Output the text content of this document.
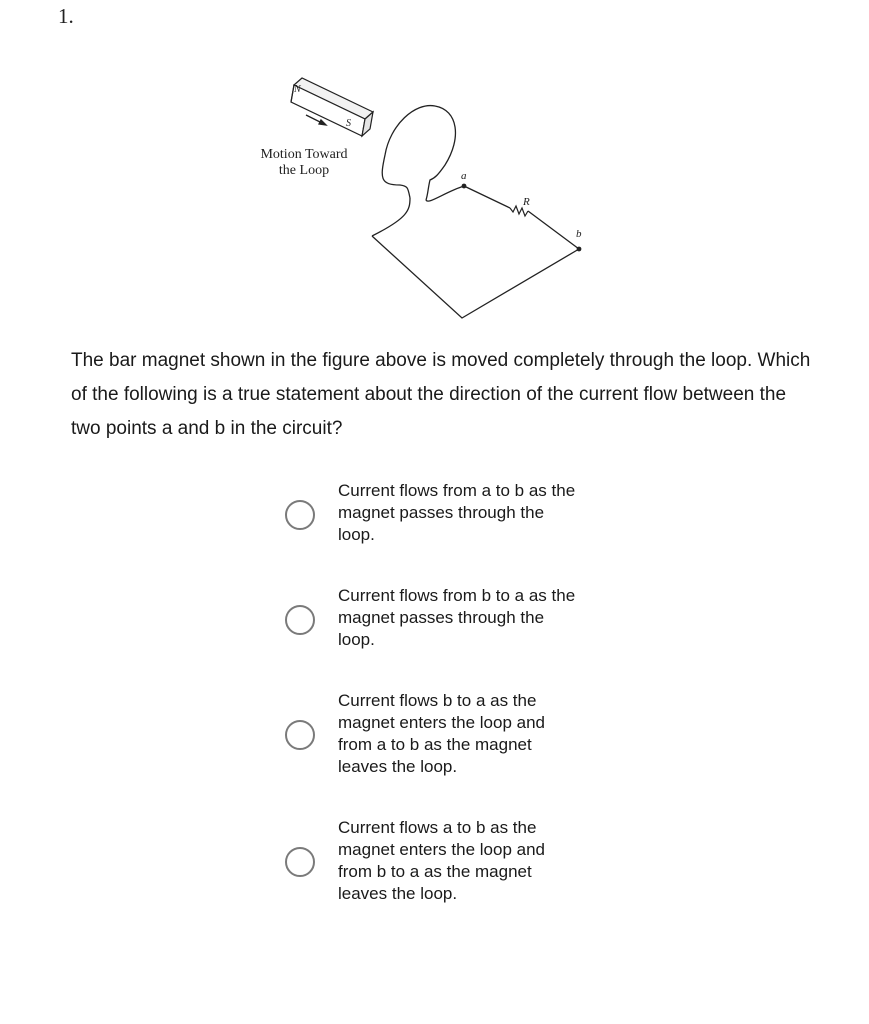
1.
N
S
a
b
R
Motion Toward
the Loop
The bar magnet shown in the figure above is moved completely through the loop. Which of the following is a true statement about the direction of the current flow between the two points a and b in the circuit?
Current flows from a to b as the magnet passes through the loop.
Current flows from b to a as the magnet passes through the loop.
Current flows b to a as the magnet enters the loop and from a to b as the magnet leaves the loop.
Current flows a to b as the magnet enters the loop and from b to a as the magnet leaves the loop.
